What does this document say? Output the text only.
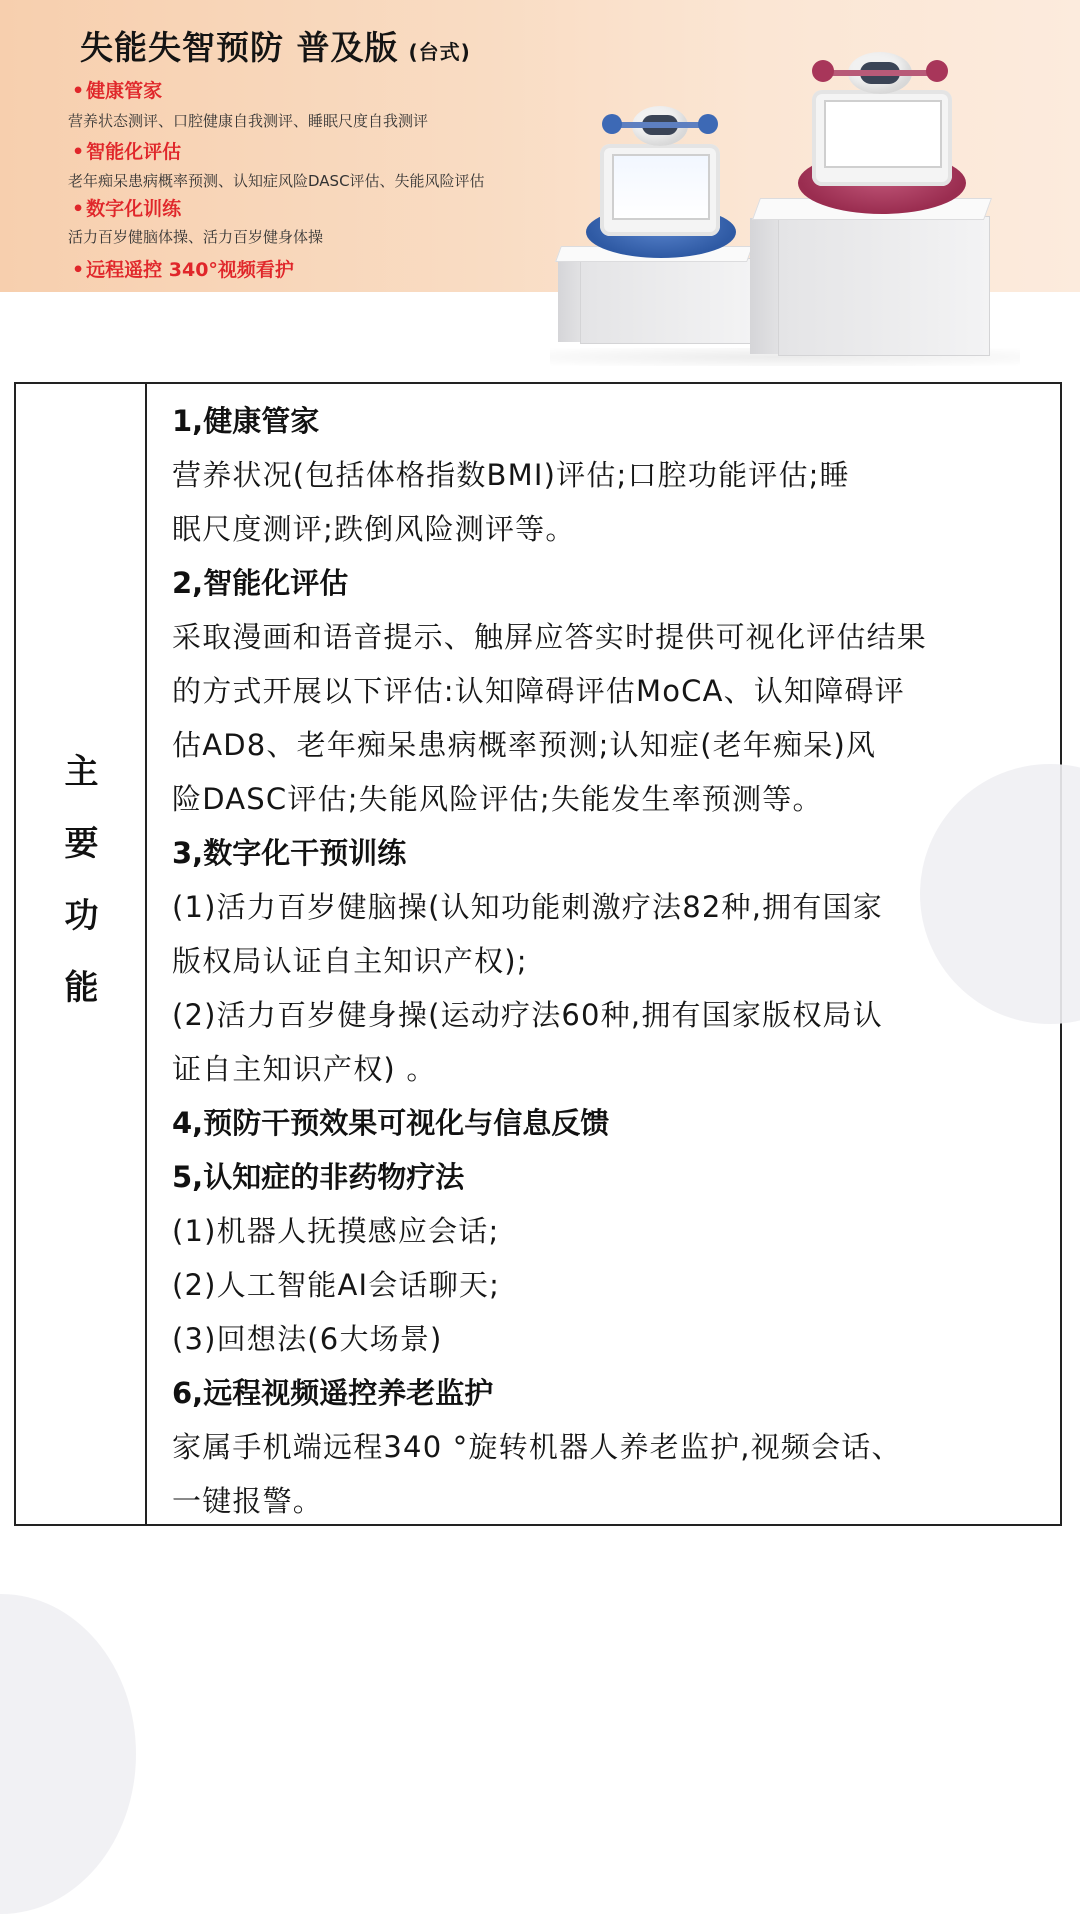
失能失智预防 普及版 (台式)
• 健康管家
营养状态测评、口腔健康自我测评、睡眠尺度自我测评
• 智能化评估
老年痴呆患病概率预测、认知症风险DASC评估、失能风险评估
• 数字化训练
活力百岁健脑体操、活力百岁健身体操
• 远程遥控 340°视频看护
主
要
功
能

1,健康管家

营养状况(包括体格指数BMI)评估;口腔功能评估;睡

眠尺度测评;跌倒风险测评等。

2,智能化评估

采取漫画和语音提示、触屏应答实时提供可视化评估结果

的方式开展以下评估:认知障碍评估MoCA、认知障碍评

估AD8、老年痴呆患病概率预测;认知症(老年痴呆)风

险DASC评估;失能风险评估;失能发生率预测等。

3,数字化干预训练

(1)活力百岁健脑操(认知功能刺激疗法82种,拥有国家

版权局认证自主知识产权);

(2)活力百岁健身操(运动疗法60种,拥有国家版权局认

证自主知识产权) 。

4,预防干预效果可视化与信息反馈

5,认知症的非药物疗法

(1)机器人抚摸感应会话;

(2)人工智能AI会话聊天;

(3)回想法(6大场景)

6,远程视频遥控养老监护

家属手机端远程340 °旋转机器人养老监护,视频会话、

一键报警。
